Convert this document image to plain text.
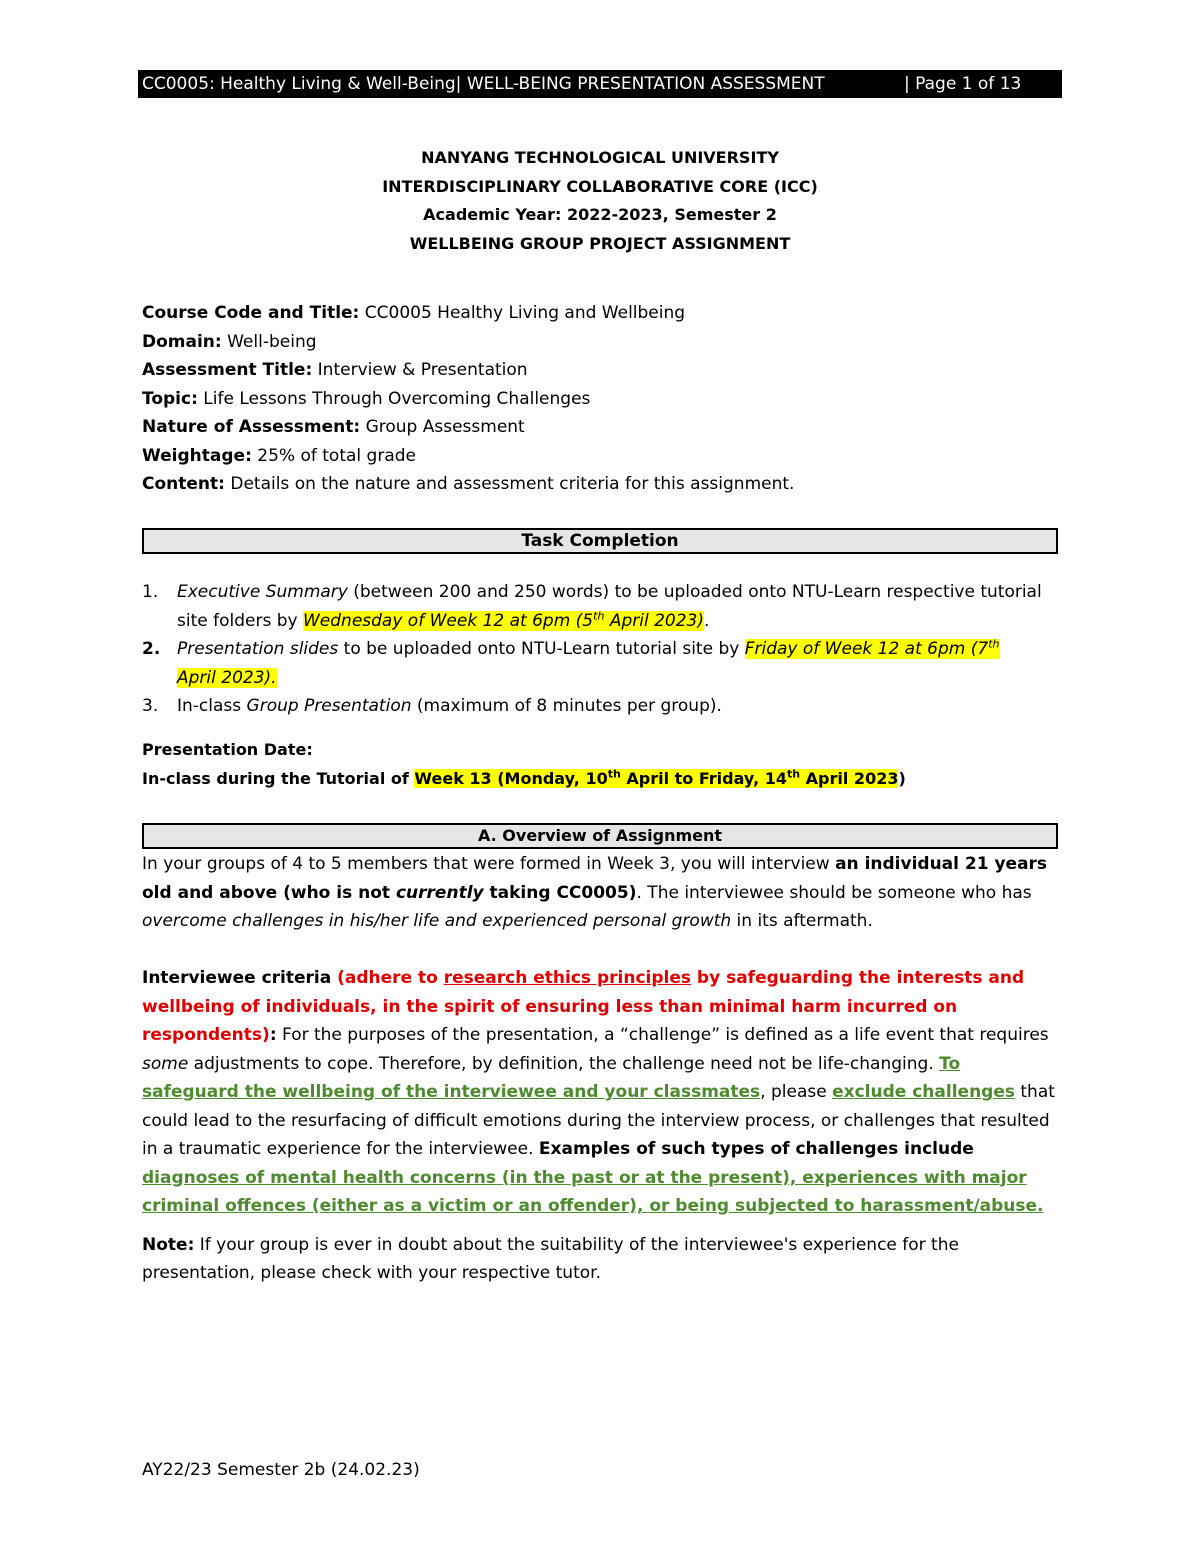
CC0005: Healthy Living & Well-Being| WELL-BEING PRESENTATION ASSESSMENT	| Page 1 of 13
NANYANG TECHNOLOGICAL UNIVERSITY
INTERDISCIPLINARY COLLABORATIVE CORE (ICC)
Academic Year: 2022-2023, Semester 2
WELLBEING GROUP PROJECT ASSIGNMENT
Course Code and Title: CC0005 Healthy Living and Wellbeing
Domain: Well-being
Assessment Title: Interview & Presentation
Topic: Life Lessons Through Overcoming Challenges
Nature of Assessment: Group Assessment
Weightage: 25% of total grade
Content: Details on the nature and assessment criteria for this assignment.
Task Completion
1. Executive Summary (between 200 and 250 words) to be uploaded onto NTU-Learn respective tutorial site folders by Wednesday of Week 12 at 6pm (5th April 2023).
2. Presentation slides to be uploaded onto NTU-Learn tutorial site by Friday of Week 12 at 6pm (7th April 2023).
3. In-class Group Presentation (maximum of 8 minutes per group).
Presentation Date:
In-class during the Tutorial of Week 13 (Monday, 10th April to Friday, 14th April 2023)
A. Overview of Assignment

In your groups of 4 to 5 members that were formed in Week 3, you will interview an individual 21 years old and above (who is not currently taking CC0005). The interviewee should be someone who has overcome challenges in his/her life and experienced personal growth in its aftermath.

Interviewee criteria (adhere to research ethics principles by safeguarding the interests and wellbeing of individuals, in the spirit of ensuring less than minimal harm incurred on respondents): For the purposes of the presentation, a “challenge” is defined as a life event that requires some adjustments to cope. Therefore, by definition, the challenge need not be life-changing. To safeguard the wellbeing of the interviewee and your classmates, please exclude challenges that could lead to the resurfacing of difficult emotions during the interview process, or challenges that resulted in a traumatic experience for the interviewee. Examples of such types of challenges include diagnoses of mental health concerns (in the past or at the present), experiences with major criminal offences (either as a victim or an offender), or being subjected to harassment/abuse.

Note: If your group is ever in doubt about the suitability of the interviewee's experience for the presentation, please check with your respective tutor.

AY22/23 Semester 2b (24.02.23)
